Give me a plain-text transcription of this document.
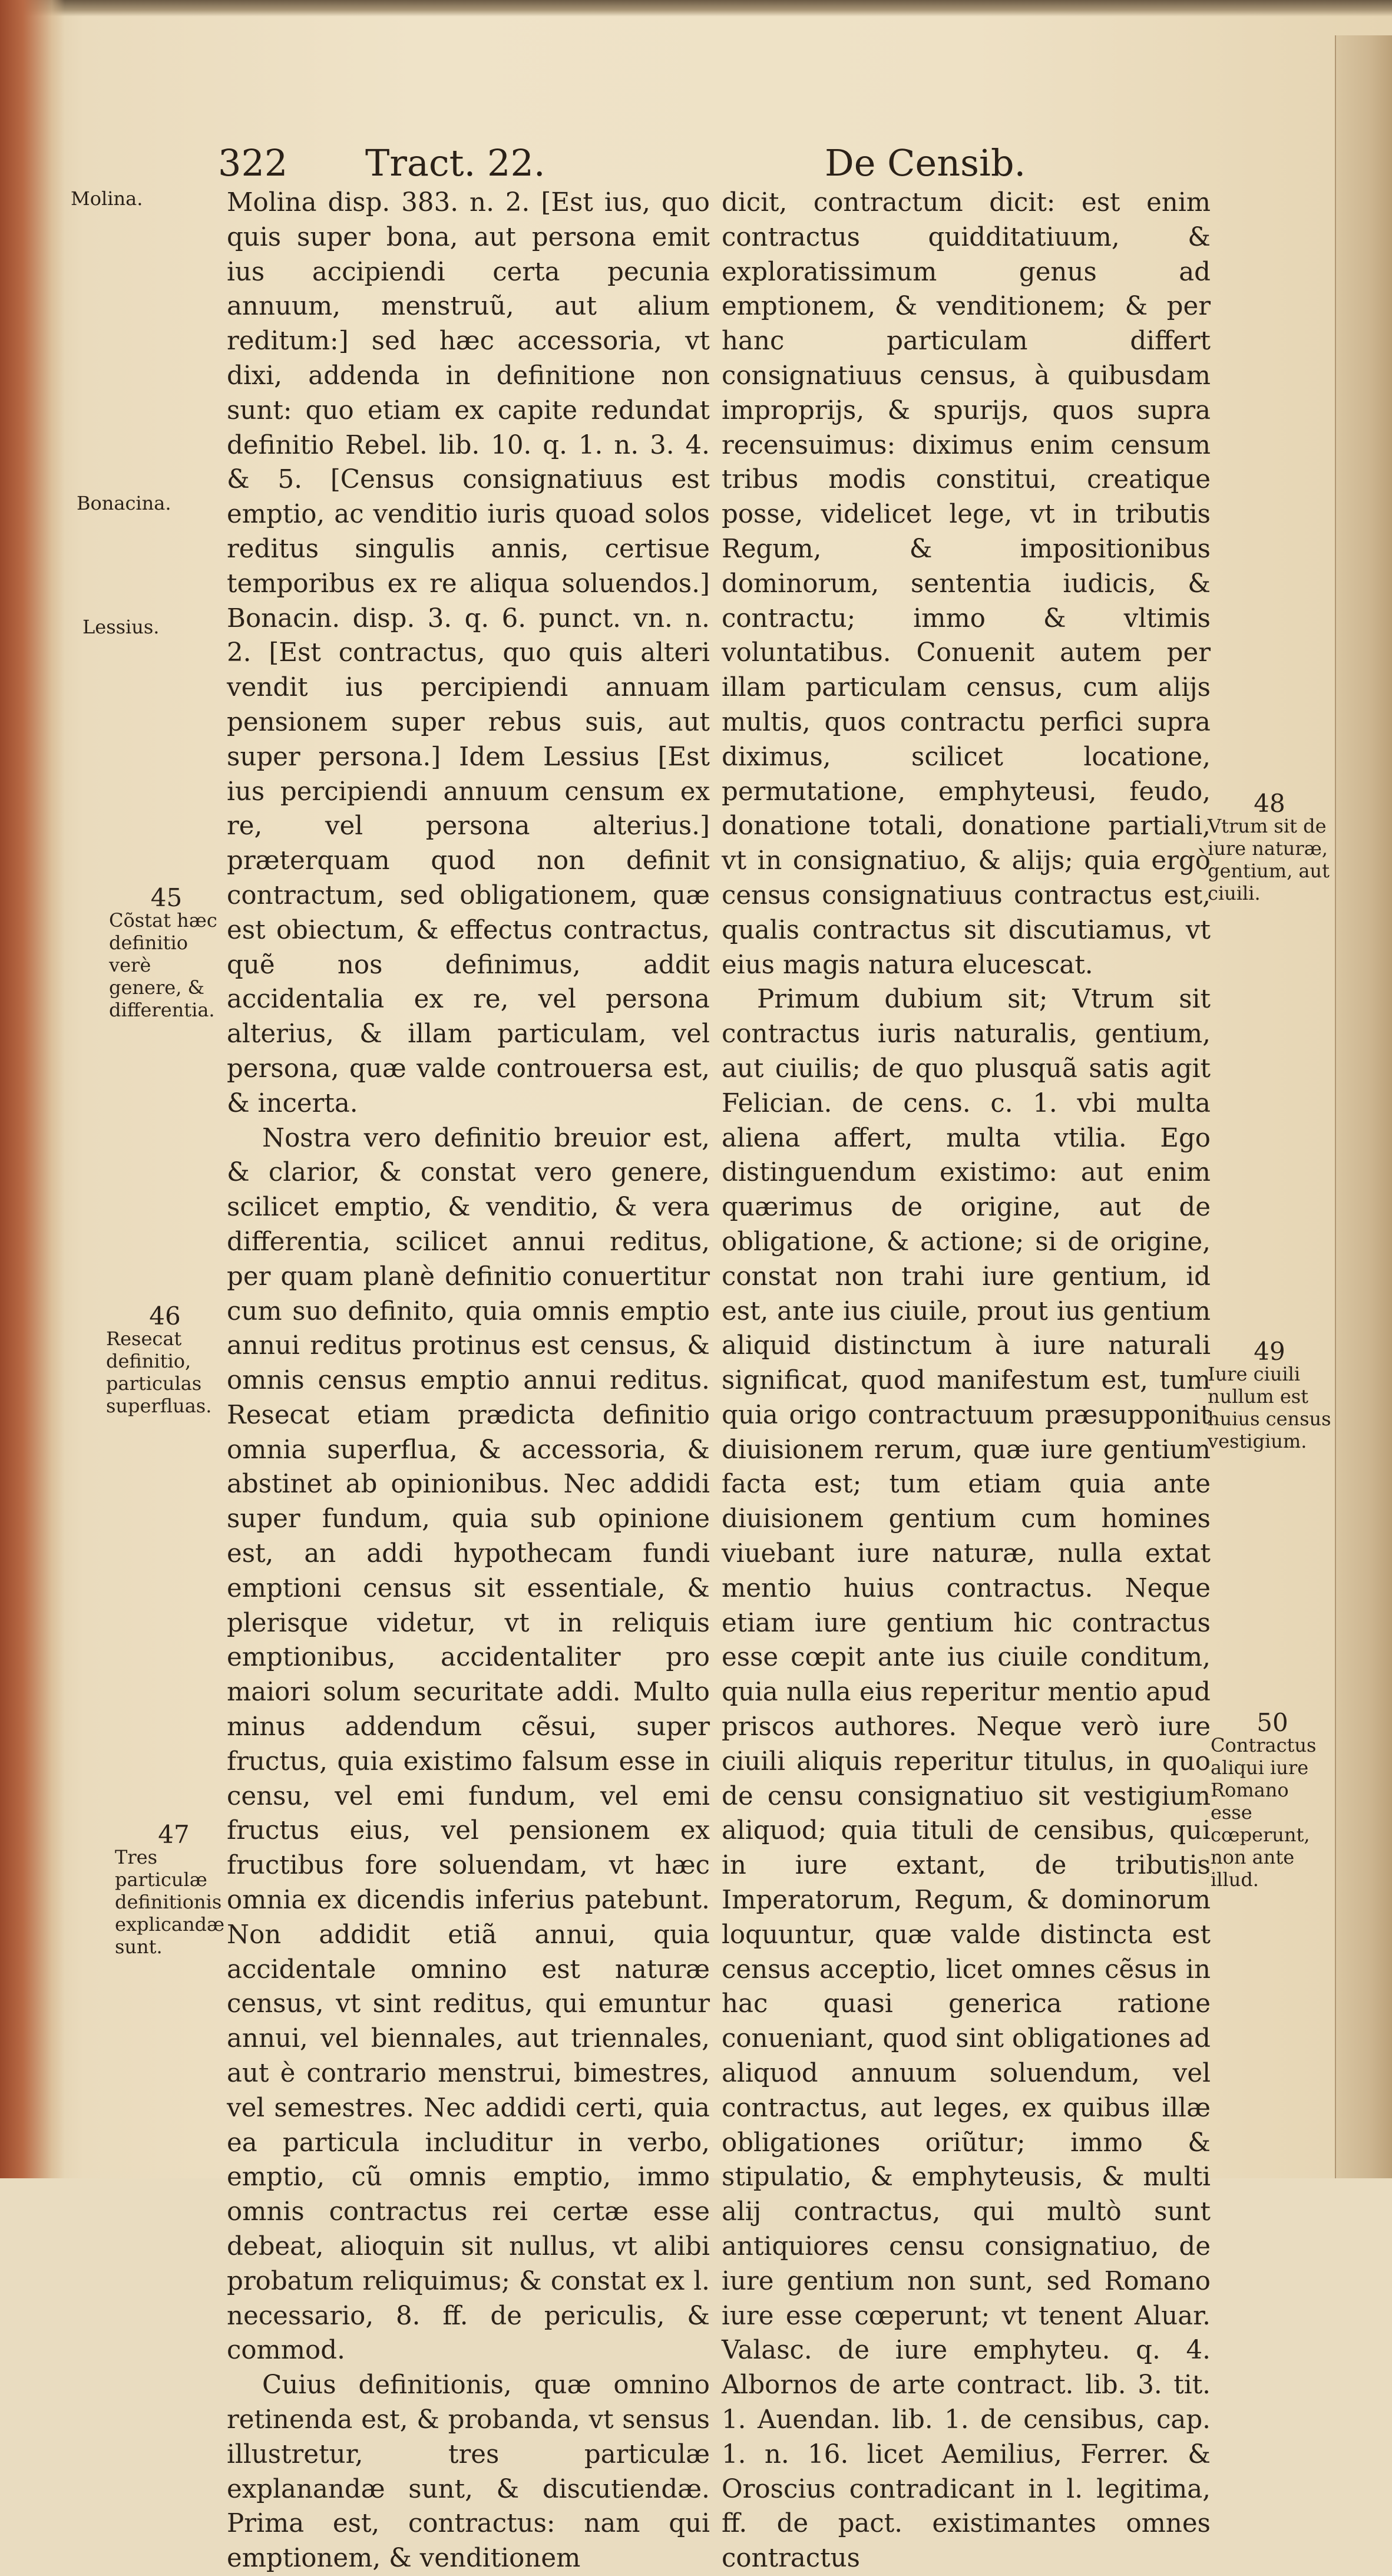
322 Tract. 22.	De Censib.
Molina.
Bonacina.
Lessius.
45
Cõstat hæc definitio verè genere, & differentia.
46
Resecat definitio, particulas superfluas.
47
Tres particulæ definitionis explicandæ sunt.
48
Vtrum sit de iure naturæ, gentium, aut ciuili.
49
Iure ciuili nullum est huius census vestigium.
50
Contractus aliqui iure Romano esse cœperunt, non ante illud.

Molina disp. 383. n. 2. [Est ius, quo quis super bona, aut persona emit ius accipiendi certa pecunia annuum, menstruũ, aut alium reditum:] sed hæc accessoria, vt dixi, addenda in definitione non sunt: quo etiam ex capite redundat definitio Rebel. lib. 10. q. 1. n. 3. 4. & 5. [Census consignatiuus est emptio, ac venditio iuris quoad solos reditus singulis annis, certisue temporibus ex re aliqua soluendos.] Bonacin. disp. 3. q. 6. punct. vn. n. 2. [Est contractus, quo quis alteri vendit ius percipiendi annuam pensionem super rebus suis, aut super persona.] Idem Lessius [Est ius percipiendi annuum censum ex re, vel persona alterius.] præterquam quod non definit contractum, sed obligationem, quæ est obiectum, & effectus contractus, quẽ nos definimus, addit accidentalia ex re, vel persona alterius, & illam particulam, vel persona, quæ valde controuersa est, & incerta.

Nostra vero definitio breuior est, & clarior, & constat vero genere, scilicet emptio, & venditio, & vera differentia, scilicet annui reditus, per quam planè definitio conuertitur cum suo definito, quia omnis emptio annui reditus protinus est census, & omnis census emptio annui reditus. Resecat etiam prædicta definitio omnia superflua, & accessoria, & abstinet ab opinionibus. Nec addidi super fundum, quia sub opinione est, an addi hypothecam fundi emptioni census sit essentiale, & plerisque videtur, vt in reliquis emptionibus, accidentaliter pro maiori solum securitate addi. Multo minus addendum cẽsui, super fructus, quia existimo falsum esse in censu, vel emi fundum, vel emi fructus eius, vel pensionem ex fructibus fore soluendam, vt hæc omnia ex dicendis inferius patebunt. Non addidit etiã annui, quia accidentale omnino est naturæ census, vt sint reditus, qui emuntur annui, vel biennales, aut triennales, aut è contrario menstrui, bimestres, vel semestres. Nec addidi certi, quia ea particula includitur in verbo, emptio, cũ omnis emptio, immo omnis contractus rei certæ esse debeat, alioquin sit nullus, vt alibi probatum reliquimus; & constat ex l. necessario, 8. ff. de periculis, & commod.

Cuius definitionis, quæ omnino retinenda est, & probanda, vt sensus illustretur, tres particulæ explanandæ sunt, & discutiendæ. Prima est, contractus: nam qui emptionem, & venditionem

dicit, contractum dicit: est enim contractus quidditatiuum, & exploratissimum genus ad emptionem, & venditionem; & per hanc particulam differt consignatiuus census, à quibusdam improprijs, & spurijs, quos supra recensuimus: diximus enim censum tribus modis constitui, creatique posse, videlicet lege, vt in tributis Regum, & impositionibus dominorum, sententia iudicis, & contractu; immo & vltimis voluntatibus. Conuenit autem per illam particulam census, cum alijs multis, quos contractu perfici supra diximus, scilicet locatione, permutatione, emphyteusi, feudo, donatione totali, donatione partiali, vt in consignatiuo, & alijs; quia ergò census consignatiuus contractus est, qualis contractus sit discutiamus, vt eius magis natura elucescat.

Primum dubium sit; Vtrum sit contractus iuris naturalis, gentium, aut ciuilis; de quo plusquã satis agit Felician. de cens. c. 1. vbi multa aliena affert, multa vtilia. Ego distinguendum existimo: aut enim quærimus de origine, aut de obligatione, & actione; si de origine, constat non trahi iure gentium, id est, ante ius ciuile, prout ius gentium aliquid distinctum à iure naturali significat, quod manifestum est, tum quia origo contractuum præsupponit diuisionem rerum, quæ iure gentium facta est; tum etiam quia ante diuisionem gentium cum homines viuebant iure naturæ, nulla extat mentio huius contractus. Neque etiam iure gentium hic contractus esse cœpit ante ius ciuile conditum, quia nulla eius reperitur mentio apud priscos authores. Neque verò iure ciuili aliquis reperitur titulus, in quo de censu consignatiuo sit vestigium aliquod; quia tituli de censibus, qui in iure extant, de tributis Imperatorum, Regum, & dominorum loquuntur, quæ valde distincta est census acceptio, licet omnes cẽsus in hac quasi generica ratione conueniant, quod sint obligationes ad aliquod annuum soluendum, vel contractus, aut leges, ex quibus illæ obligationes oriũtur; immo & stipulatio, & emphyteusis, & multi alij contractus, qui multò sunt antiquiores censu consignatiuo, de iure gentium non sunt, sed Romano iure esse cœperunt; vt tenent Aluar. Valasc. de iure emphyteu. q. 4. Albornos de arte contract. lib. 3. tit. 1. Auendan. lib. 1. de censibus, cap. 1. n. 16. licet Aemilius, Ferrer. & Oroscius contradicant in l. legitima, ff. de pact. existimantes omnes contractus
